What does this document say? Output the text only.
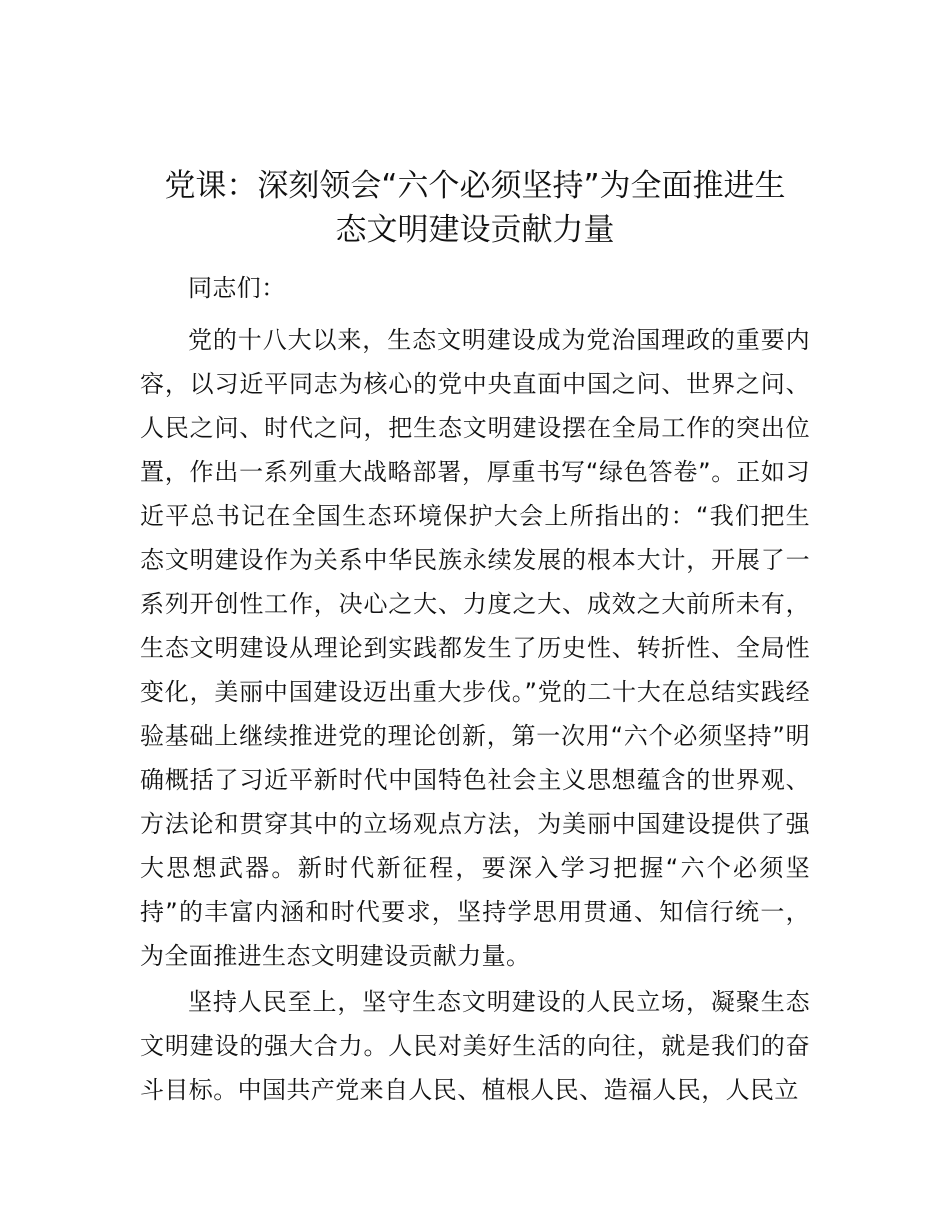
党课：深刻领会“六个必须坚持”为全面推进生
态文明建设贡献力量

同志们：

党的十八大以来，生态文明建设成为党治国理政的重要内容，以习近平同志为核心的党中央直面中国之问、世界之问、人民之问、时代之问，把生态文明建设摆在全局工作的突出位置，作出一系列重大战略部署，厚重书写“绿色答卷”。正如习近平总书记在全国生态环境保护大会上所指出的：“我们把生态文明建设作为关系中华民族永续发展的根本大计，开展了一系列开创性工作，决心之大、力度之大、成效之大前所未有，生态文明建设从理论到实践都发生了历史性、转折性、全局性变化，美丽中国建设迈出重大步伐。”党的二十大在总结实践经验基础上继续推进党的理论创新，第一次用“六个必须坚持”明确概括了习近平新时代中国特色社会主义思想蕴含的世界观、方法论和贯穿其中的立场观点方法，为美丽中国建设提供了强大思想武器。新时代新征程，要深入学习把握“六个必须坚持”的丰富内涵和时代要求，坚持学思用贯通、知信行统一，为全面推进生态文明建设贡献力量。

坚持人民至上，坚守生态文明建设的人民立场，凝聚生态文明建设的强大合力。人民对美好生活的向往，就是我们的奋斗目标。中国共产党来自人民、植根人民、造福人民，人民立
